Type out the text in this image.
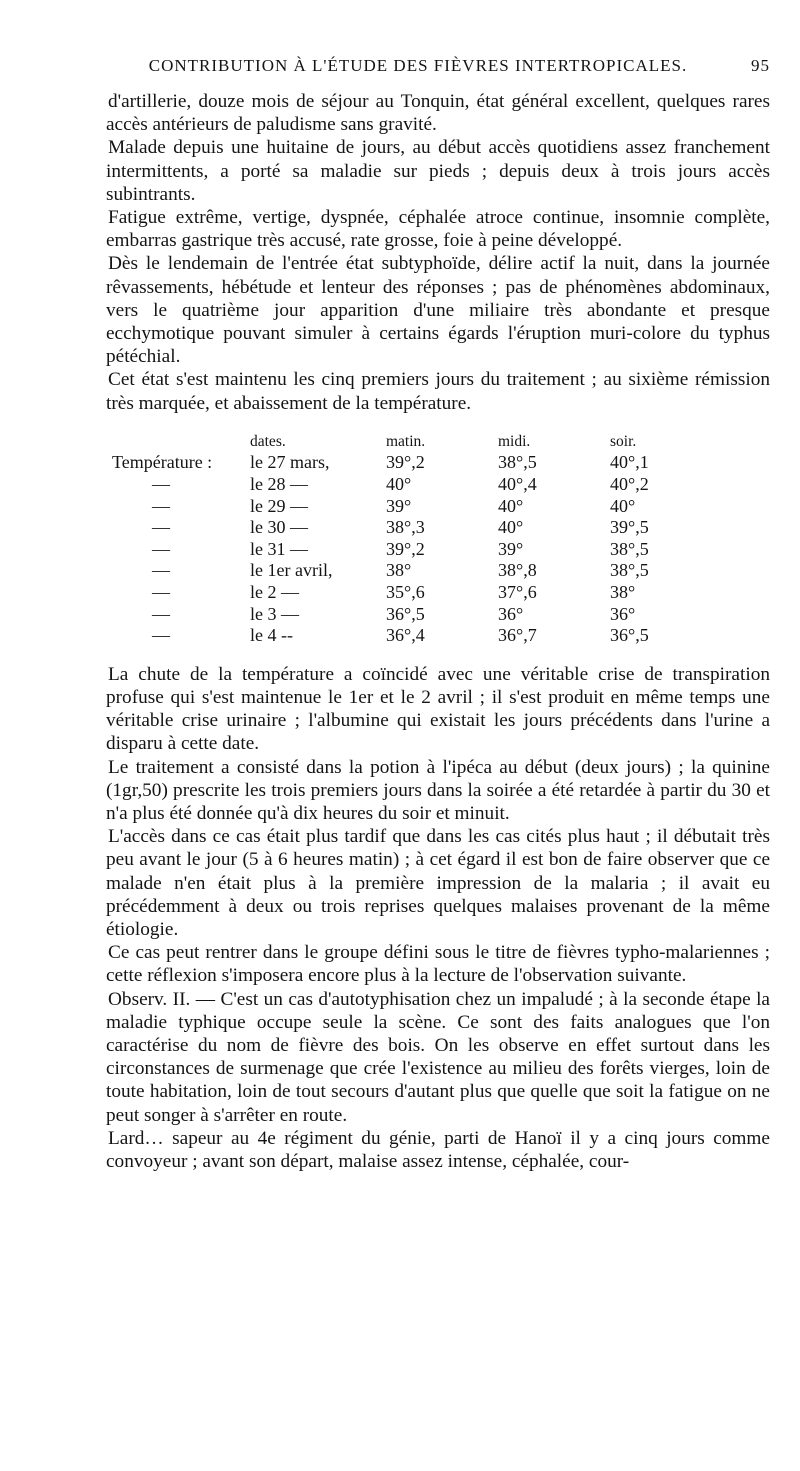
CONTRIBUTION À L'ÉTUDE DES FIÈVRES INTERTROPICALES.	95

d'artillerie, douze mois de séjour au Tonquin, état général excellent, quelques rares accès antérieurs de paludisme sans gravité.

Malade depuis une huitaine de jours, au début accès quotidiens assez franchement intermittents, a porté sa maladie sur pieds ; depuis deux à trois jours accès subintrants.

Fatigue extrême, vertige, dyspnée, céphalée atroce continue, insomnie complète, embarras gastrique très accusé, rate grosse, foie à peine développé.

Dès le lendemain de l'entrée état subtyphoïde, délire actif la nuit, dans la journée rêvassements, hébétude et lenteur des réponses ; pas de phénomènes abdominaux, vers le quatrième jour apparition d'une miliaire très abondante et presque ecchymotique pouvant simuler à certains égards l'éruption muri-colore du typhus pétéchial.

Cet état s'est maintenu les cinq premiers jours du traitement ; au sixième rémission très marquée, et abaissement de la température.

	dates.	matin.	midi.	soir.
Température :	le 27 mars,	39°,2	38°,5	40°,1
—	le 28 —	40°	40°,4	40°,2
—	le 29 —	39°	40°	40°
—	le 30 —	38°,3	40°	39°,5
—	le 31 —	39°,2	39°	38°,5
—	le 1er avril,	38°	38°,8	38°,5
—	le 2 —	35°,6	37°,6	38°
—	le 3 —	36°,5	36°	36°
—	le 4 --	36°,4	36°,7	36°,5

La chute de la température a coïncidé avec une véritable crise de transpiration profuse qui s'est maintenue le 1er et le 2 avril ; il s'est produit en même temps une véritable crise urinaire ; l'albumine qui existait les jours précédents dans l'urine a disparu à cette date.

Le traitement a consisté dans la potion à l'ipéca au début (deux jours) ; la quinine (1gr,50) prescrite les trois premiers jours dans la soirée a été retardée à partir du 30 et n'a plus été donnée qu'à dix heures du soir et minuit.

L'accès dans ce cas était plus tardif que dans les cas cités plus haut ; il débutait très peu avant le jour (5 à 6 heures matin) ; à cet égard il est bon de faire observer que ce malade n'en était plus à la première impression de la malaria ; il avait eu précédemment à deux ou trois reprises quelques malaises provenant de la même étiologie.

Ce cas peut rentrer dans le groupe défini sous le titre de fièvres typho-malariennes ; cette réflexion s'imposera encore plus à la lecture de l'observation suivante.

Observ. II. — C'est un cas d'autotyphisation chez un impaludé ; à la seconde étape la maladie typhique occupe seule la scène. Ce sont des faits analogues que l'on caractérise du nom de fièvre des bois. On les observe en effet surtout dans les circonstances de surmenage que crée l'existence au milieu des forêts vierges, loin de toute habitation, loin de tout secours d'autant plus que quelle que soit la fatigue on ne peut songer à s'arrêter en route.

Lard… sapeur au 4e régiment du génie, parti de Hanoï il y a cinq jours comme convoyeur ; avant son départ, malaise assez intense, céphalée, cour-
